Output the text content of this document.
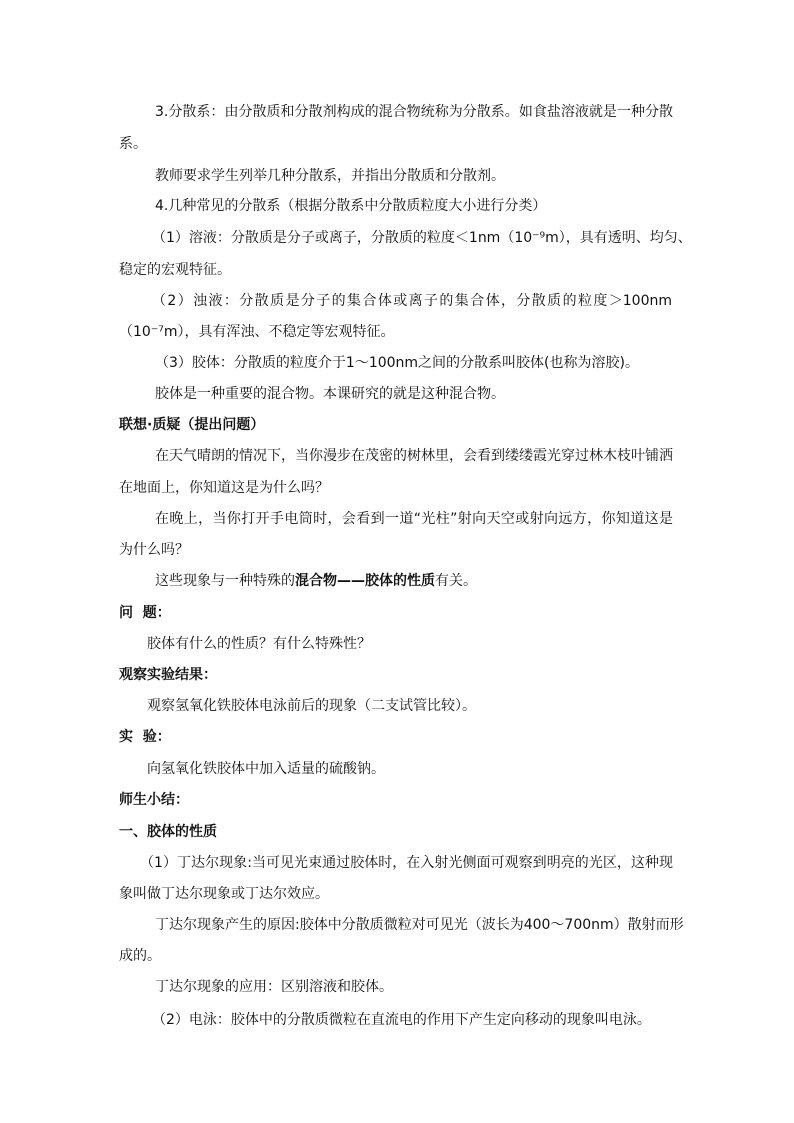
3.分散系：由分散质和分散剂构成的混合物统称为分散系。如食盐溶液就是一种分散
系。
教师要求学生列举几种分散系，并指出分散质和分散剂。
4.几种常见的分散系（根据分散系中分散质粒度大小进行分类）
（1）溶液：分散质是分子或离子，分散质的粒度＜1nm（10⁻⁹m），具有透明、均匀、
稳定的宏观特征。
（2）浊液：分散质是分子的集合体或离子的集合体，分散质的粒度＞100nm
（10⁻⁷m），具有浑浊、不稳定等宏观特征。
（3）胶体：分散质的粒度介于1～100nm之间的分散系叫胶体(也称为溶胶)。
胶体是一种重要的混合物。本课研究的就是这种混合物。
联想·质疑（提出问题）
在天气晴朗的情况下，当你漫步在茂密的树林里，会看到缕缕霞光穿过林木枝叶铺洒
在地面上，你知道这是为什么吗？
在晚上，当你打开手电筒时，会看到一道“光柱”射向天空或射向远方，你知道这是
为什么吗？
这些现象与一种特殊的混合物——胶体的性质有关。
问  题：
胶体有什么的性质？有什么特殊性？
观察实验结果：
观察氢氧化铁胶体电泳前后的现象（二支试管比较）。
实  验：
向氢氧化铁胶体中加入适量的硫酸钠。
师生小结：
一、胶体的性质
（1）丁达尔现象:当可见光束通过胶体时，在入射光侧面可观察到明亮的光区，这种现
象叫做丁达尔现象或丁达尔效应。
丁达尔现象产生的原因:胶体中分散质微粒对可见光（波长为400～700nm）散射而形
成的。
丁达尔现象的应用：区别溶液和胶体。
（2）电泳：胶体中的分散质微粒在直流电的作用下产生定向移动的现象叫电泳。
